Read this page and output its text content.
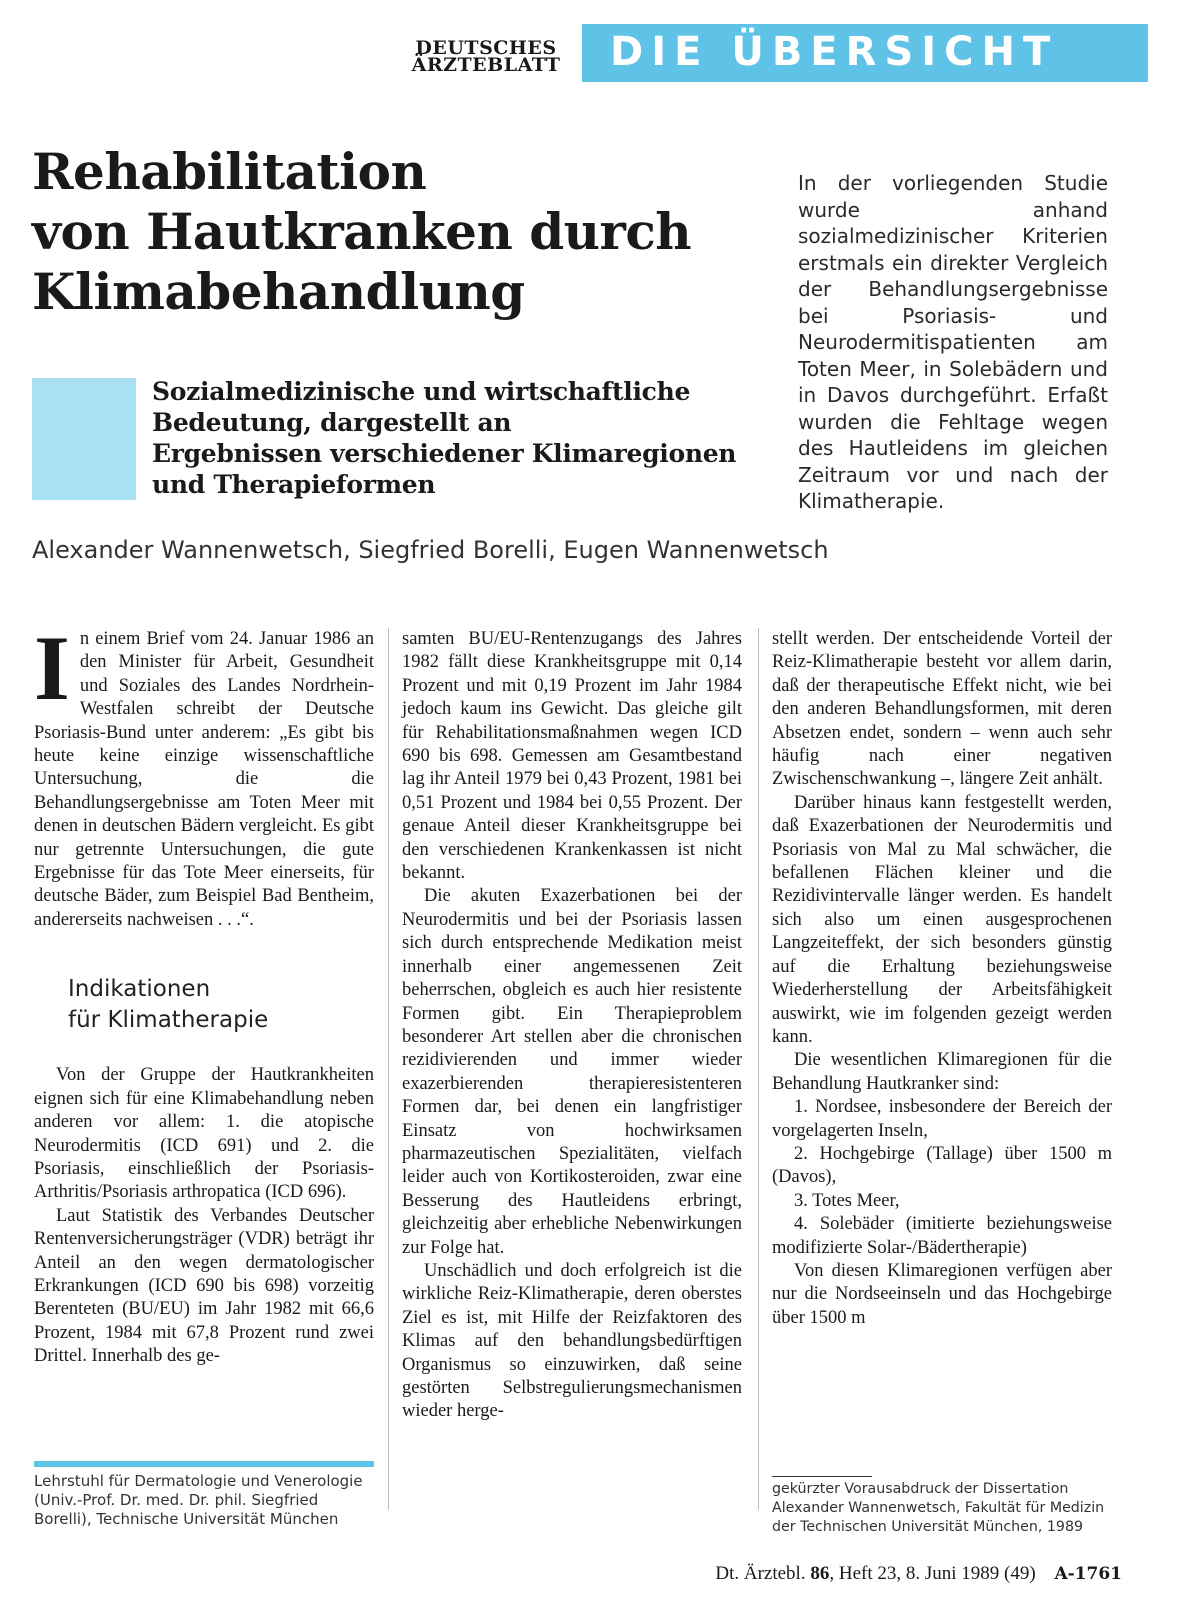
DEUTSCHES
ÄRZTEBLATT DIE ÜBERSICHT
Rehabilitation
von Hautkranken durch
Klimabehandlung
Sozialmedizinische und wirtschaftliche
Bedeutung, dargestellt an
Ergebnissen verschiedener Klimaregionen
und Therapieformen
In der vorliegenden Studie wurde anhand sozialmedizinischer Kriterien erstmals ein direkter Vergleich der Behandlungsergebnisse bei Psoriasis- und Neurodermitispatienten am Toten Meer, in Solebädern und in Davos durchgeführt. Erfaßt wurden die Fehltage wegen des Hautleidens im gleichen Zeitraum vor und nach der Klimatherapie.
Alexander Wannenwetsch, Siegfried Borelli, Eugen Wannenwetsch

In einem Brief vom 24. Januar 1986 an den Minister für Arbeit, Gesundheit und Soziales des Landes Nordrhein-Westfalen schreibt der Deutsche Psoriasis-Bund unter anderem: „Es gibt bis heute keine einzige wissenschaftliche Untersuchung, die die Behandlungsergebnisse am Toten Meer mit denen in deutschen Bädern vergleicht. Es gibt nur getrennte Untersuchungen, die gute Ergebnisse für das Tote Meer einerseits, für deutsche Bäder, zum Beispiel Bad Bentheim, andererseits nachweisen . . .“.

Indikationen
für Klimatherapie

Von der Gruppe der Hautkrankheiten eignen sich für eine Klimabehandlung neben anderen vor allem: 1. die atopische Neurodermitis (ICD 691) und 2. die Psoriasis, einschließlich der Psoriasis-Arthritis/Psoriasis arthropatica (ICD 696).

Laut Statistik des Verbandes Deutscher Rentenversicherungsträger (VDR) beträgt ihr Anteil an den wegen dermatologischer Erkrankungen (ICD 690 bis 698) vorzeitig Berenteten (BU/EU) im Jahr 1982 mit 66,6 Prozent, 1984 mit 67,8 Prozent rund zwei Drittel. Innerhalb des ge-

samten BU/EU-Rentenzugangs des Jahres 1982 fällt diese Krankheitsgruppe mit 0,14 Prozent und mit 0,19 Prozent im Jahr 1984 jedoch kaum ins Gewicht. Das gleiche gilt für Rehabilitationsmaßnahmen wegen ICD 690 bis 698. Gemessen am Gesamtbestand lag ihr Anteil 1979 bei 0,43 Prozent, 1981 bei 0,51 Prozent und 1984 bei 0,55 Prozent. Der genaue Anteil dieser Krankheitsgruppe bei den verschiedenen Krankenkassen ist nicht bekannt.

Die akuten Exazerbationen bei der Neurodermitis und bei der Psoriasis lassen sich durch entsprechende Medikation meist innerhalb einer angemessenen Zeit beherrschen, obgleich es auch hier resistente Formen gibt. Ein Therapieproblem besonderer Art stellen aber die chronischen rezidivierenden und immer wieder exazerbierenden therapieresistenteren Formen dar, bei denen ein langfristiger Einsatz von hochwirksamen pharmazeutischen Spezialitäten, vielfach leider auch von Kortikosteroiden, zwar eine Besserung des Hautleidens erbringt, gleichzeitig aber erhebliche Nebenwirkungen zur Folge hat.

Unschädlich und doch erfolgreich ist die wirkliche Reiz-Klimatherapie, deren oberstes Ziel es ist, mit Hilfe der Reizfaktoren des Klimas auf den behandlungsbedürftigen Organismus so einzuwirken, daß seine gestörten Selbstregulierungsmechanismen wieder herge-

stellt werden. Der entscheidende Vorteil der Reiz-Klimatherapie besteht vor allem darin, daß der therapeutische Effekt nicht, wie bei den anderen Behandlungsformen, mit deren Absetzen endet, sondern – wenn auch sehr häufig nach einer negativen Zwischenschwankung –, längere Zeit anhält.

Darüber hinaus kann festgestellt werden, daß Exazerbationen der Neurodermitis und Psoriasis von Mal zu Mal schwächer, die befallenen Flächen kleiner und die Rezidivintervalle länger werden. Es handelt sich also um einen ausgesprochenen Langzeiteffekt, der sich besonders günstig auf die Erhaltung beziehungsweise Wiederherstellung der Arbeitsfähigkeit auswirkt, wie im folgenden gezeigt werden kann.

Die wesentlichen Klimaregionen für die Behandlung Hautkranker sind:

1. Nordsee, insbesondere der Bereich der vorgelagerten Inseln,

2. Hochgebirge (Tallage) über 1500 m (Davos),

3. Totes Meer,

4. Solebäder (imitierte beziehungsweise modifizierte Solar-/Bädertherapie)

Von diesen Klimaregionen verfügen aber nur die Nordseeinseln und das Hochgebirge über 1500 m

Lehrstuhl für Dermatologie und Venerologie (Univ.-Prof. Dr. med. Dr. phil. Siegfried Borelli), Technische Universität München
gekürzter Vorausabdruck der Dissertation Alexander Wannenwetsch, Fakultät für Medizin der Technischen Universität München, 1989
Dt. Ärztebl. 86, Heft 23, 8. Juni 1989 (49) A-1761
